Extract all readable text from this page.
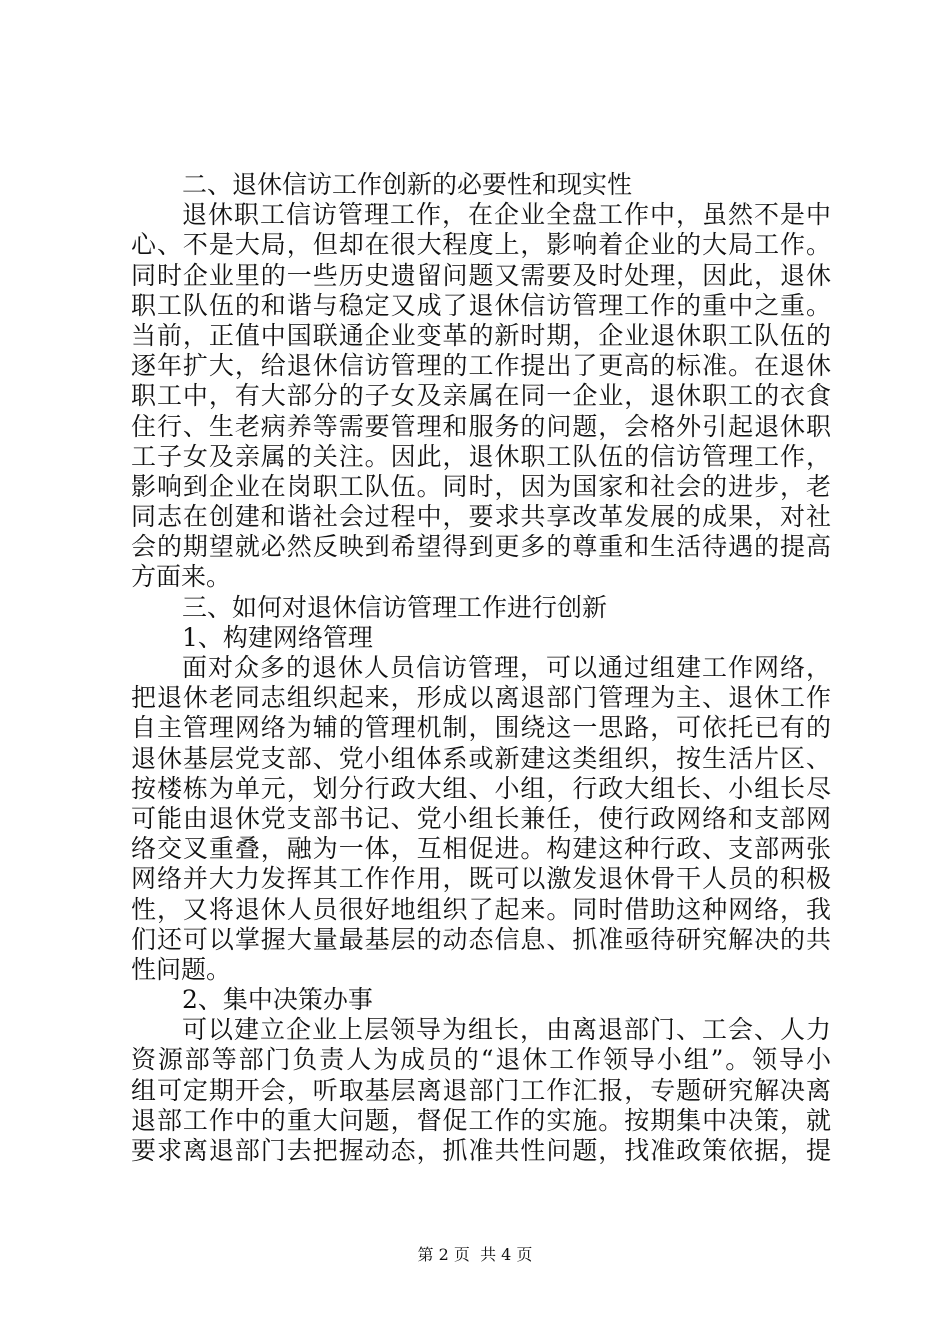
二、退休信访工作创新的必要性和现实性
退休职工信访管理工作，在企业全盘工作中，虽然不是中
心、不是大局，但却在很大程度上，影响着企业的大局工作。
同时企业里的一些历史遗留问题又需要及时处理，因此，退休
职工队伍的和谐与稳定又成了退休信访管理工作的重中之重。
当前，正值中国联通企业变革的新时期，企业退休职工队伍的
逐年扩大，给退休信访管理的工作提出了更高的标准。在退休
职工中，有大部分的子女及亲属在同一企业，退休职工的衣食
住行、生老病养等需要管理和服务的问题，会格外引起退休职
工子女及亲属的关注。因此，退休职工队伍的信访管理工作，
影响到企业在岗职工队伍。同时，因为国家和社会的进步，老
同志在创建和谐社会过程中，要求共享改革发展的成果，对社
会的期望就必然反映到希望得到更多的尊重和生活待遇的提高
方面来。
三、如何对退休信访管理工作进行创新
1、构建网络管理
面对众多的退休人员信访管理，可以通过组建工作网络，
把退休老同志组织起来，形成以离退部门管理为主、退休工作
自主管理网络为辅的管理机制，围绕这一思路，可依托已有的
退休基层党支部、党小组体系或新建这类组织，按生活片区、
按楼栋为单元，划分行政大组、小组，行政大组长、小组长尽
可能由退休党支部书记、党小组长兼任，使行政网络和支部网
络交叉重叠，融为一体，互相促进。构建这种行政、支部两张
网络并大力发挥其工作作用，既可以激发退休骨干人员的积极
性，又将退休人员很好地组织了起来。同时借助这种网络，我
们还可以掌握大量最基层的动态信息、抓准亟待研究解决的共
性问题。
2、集中决策办事
可以建立企业上层领导为组长，由离退部门、工会、人力
资源部等部门负责人为成员的“退休工作领导小组”。领导小
组可定期开会，听取基层离退部门工作汇报，专题研究解决离
退部工作中的重大问题，督促工作的实施。按期集中决策，就
要求离退部门去把握动态，抓准共性问题，找准政策依据，提
第 2 页  共 4 页
